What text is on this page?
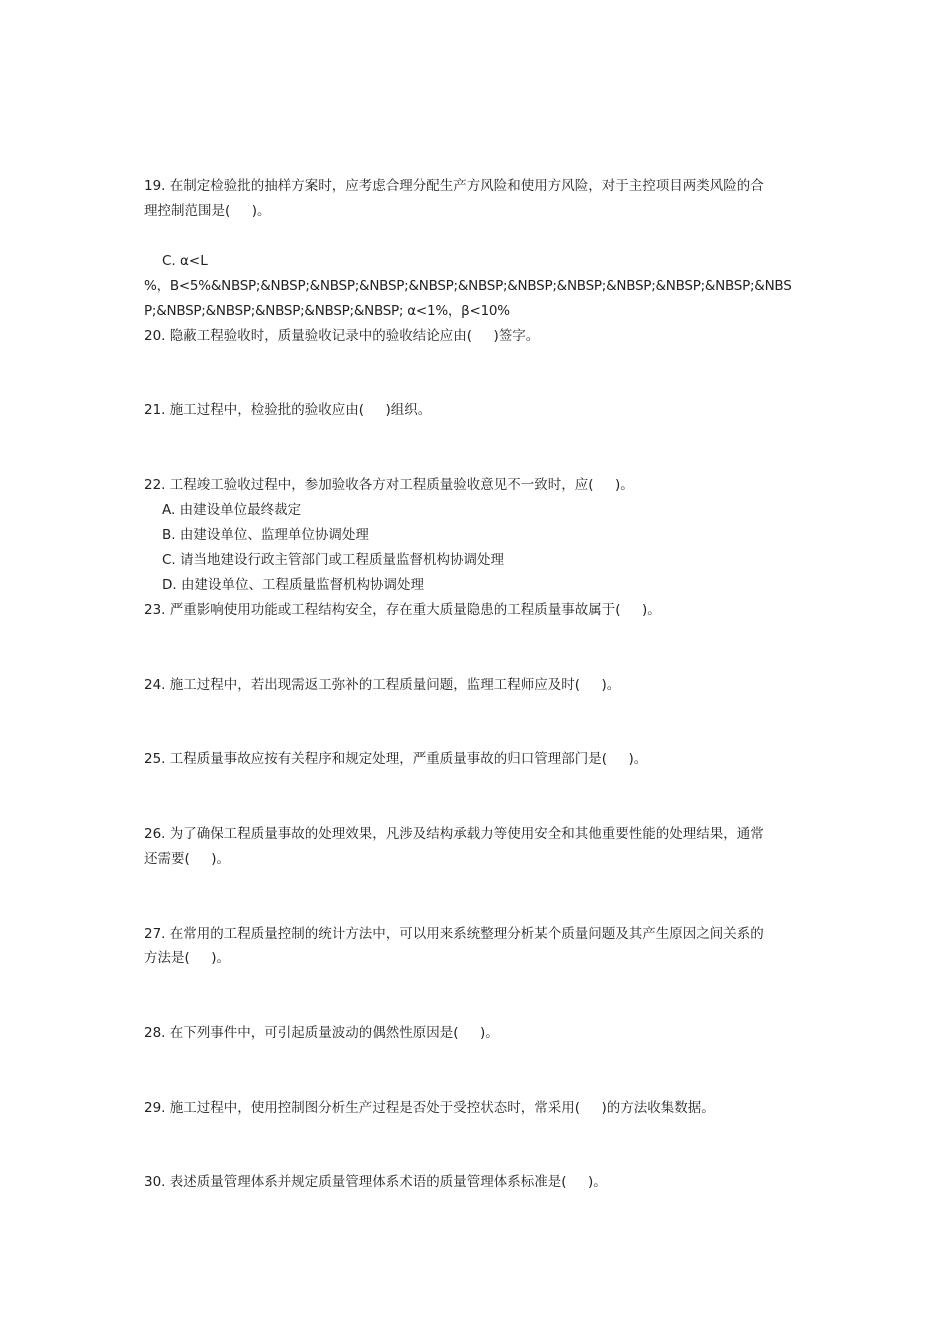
19. 在制定检验批的抽样方案时，应考虑合理分配生产方风险和使用方风险，对于主控项目两类风险的合
理控制范围是(     )。

C. α<L
%，Β<5%&NBSP;&NBSP;&NBSP;&NBSP;&NBSP;&NBSP;&NBSP;&NBSP;&NBSP;&NBSP;&NBSP;&NBS
P;&NBSP;&NBSP;&NBSP;&NBSP;&NBSP; α<1%，β<10%
20. 隐蔽工程验收时，质量验收记录中的验收结论应由(     )签字。

21. 施工过程中，检验批的验收应由(     )组织。

22. 工程竣工验收过程中，参加验收各方对工程质量验收意见不一致时，应(     )。
A. 由建设单位最终裁定
B. 由建设单位、监理单位协调处理
C. 请当地建设行政主管部门或工程质量监督机构协调处理
D. 由建设单位、工程质量监督机构协调处理
23. 严重影响使用功能或工程结构安全，存在重大质量隐患的工程质量事故属于(     )。

24. 施工过程中，若出现需返工弥补的工程质量问题，监理工程师应及时(     )。

25. 工程质量事故应按有关程序和规定处理，严重质量事故的归口管理部门是(     )。

26. 为了确保工程质量事故的处理效果，凡涉及结构承载力等使用安全和其他重要性能的处理结果，通常
还需要(     )。

27. 在常用的工程质量控制的统计方法中，可以用来系统整理分析某个质量问题及其产生原因之间关系的
方法是(     )。

28. 在下列事件中，可引起质量波动的偶然性原因是(     )。

29. 施工过程中，使用控制图分析生产过程是否处于受控状态时，常采用(     )的方法收集数据。

30. 表述质量管理体系并规定质量管理体系术语的质量管理体系标准是(     )。
